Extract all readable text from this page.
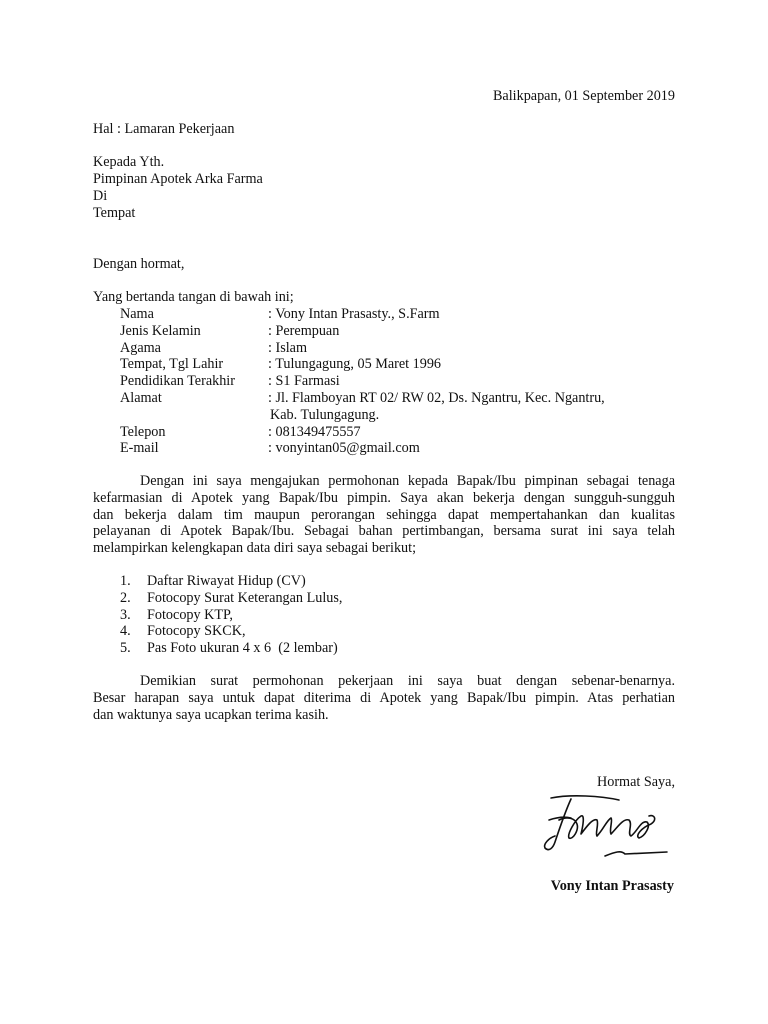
Balikpapan, 01 September 2019
Hal : Lamaran Pekerjaan
Kepada Yth.
Pimpinan Apotek Arka Farma
Di
Tempat
Dengan hormat,
Yang bertanda tangan di bawah ini;
Nama	: Vony Intan Prasasty., S.Farm
Jenis Kelamin	: Perempuan
Agama	: Islam
Tempat, Tgl Lahir	: Tulungagung, 05 Maret 1996
Pendidikan Terakhir : S1 Farmasi
Alamat	: Jl. Flamboyan RT 02/ RW 02, Ds. Ngantru, Kec. Ngantru,
Kab. Tulungagung.
Telepon	: 081349475557
E-mail	: vonyintan05@gmail.com
Dengan ini saya mengajukan permohonan kepada Bapak/Ibu pimpinan sebagai tenaga
kefarmasian di Apotek yang Bapak/Ibu pimpin. Saya akan bekerja dengan sungguh-sungguh
dan bekerja dalam tim maupun perorangan sehingga dapat mempertahankan dan kualitas
pelayanan di Apotek Bapak/Ibu. Sebagai bahan pertimbangan, bersama surat ini saya telah
melampirkan kelengkapan data diri saya sebagai berikut;
1. Daftar Riwayat Hidup (CV)
2. Fotocopy Surat Keterangan Lulus,
3. Fotocopy KTP,
4. Fotocopy SKCK,
5. Pas Foto ukuran 4 x 6  (2 lembar)
Demikian surat permohonan pekerjaan ini saya buat dengan sebenar-benarnya.
Besar harapan saya untuk dapat diterima di Apotek yang Bapak/Ibu pimpin. Atas perhatian
dan waktunya saya ucapkan terima kasih.
Hormat Saya,
Vony Intan Prasasty
